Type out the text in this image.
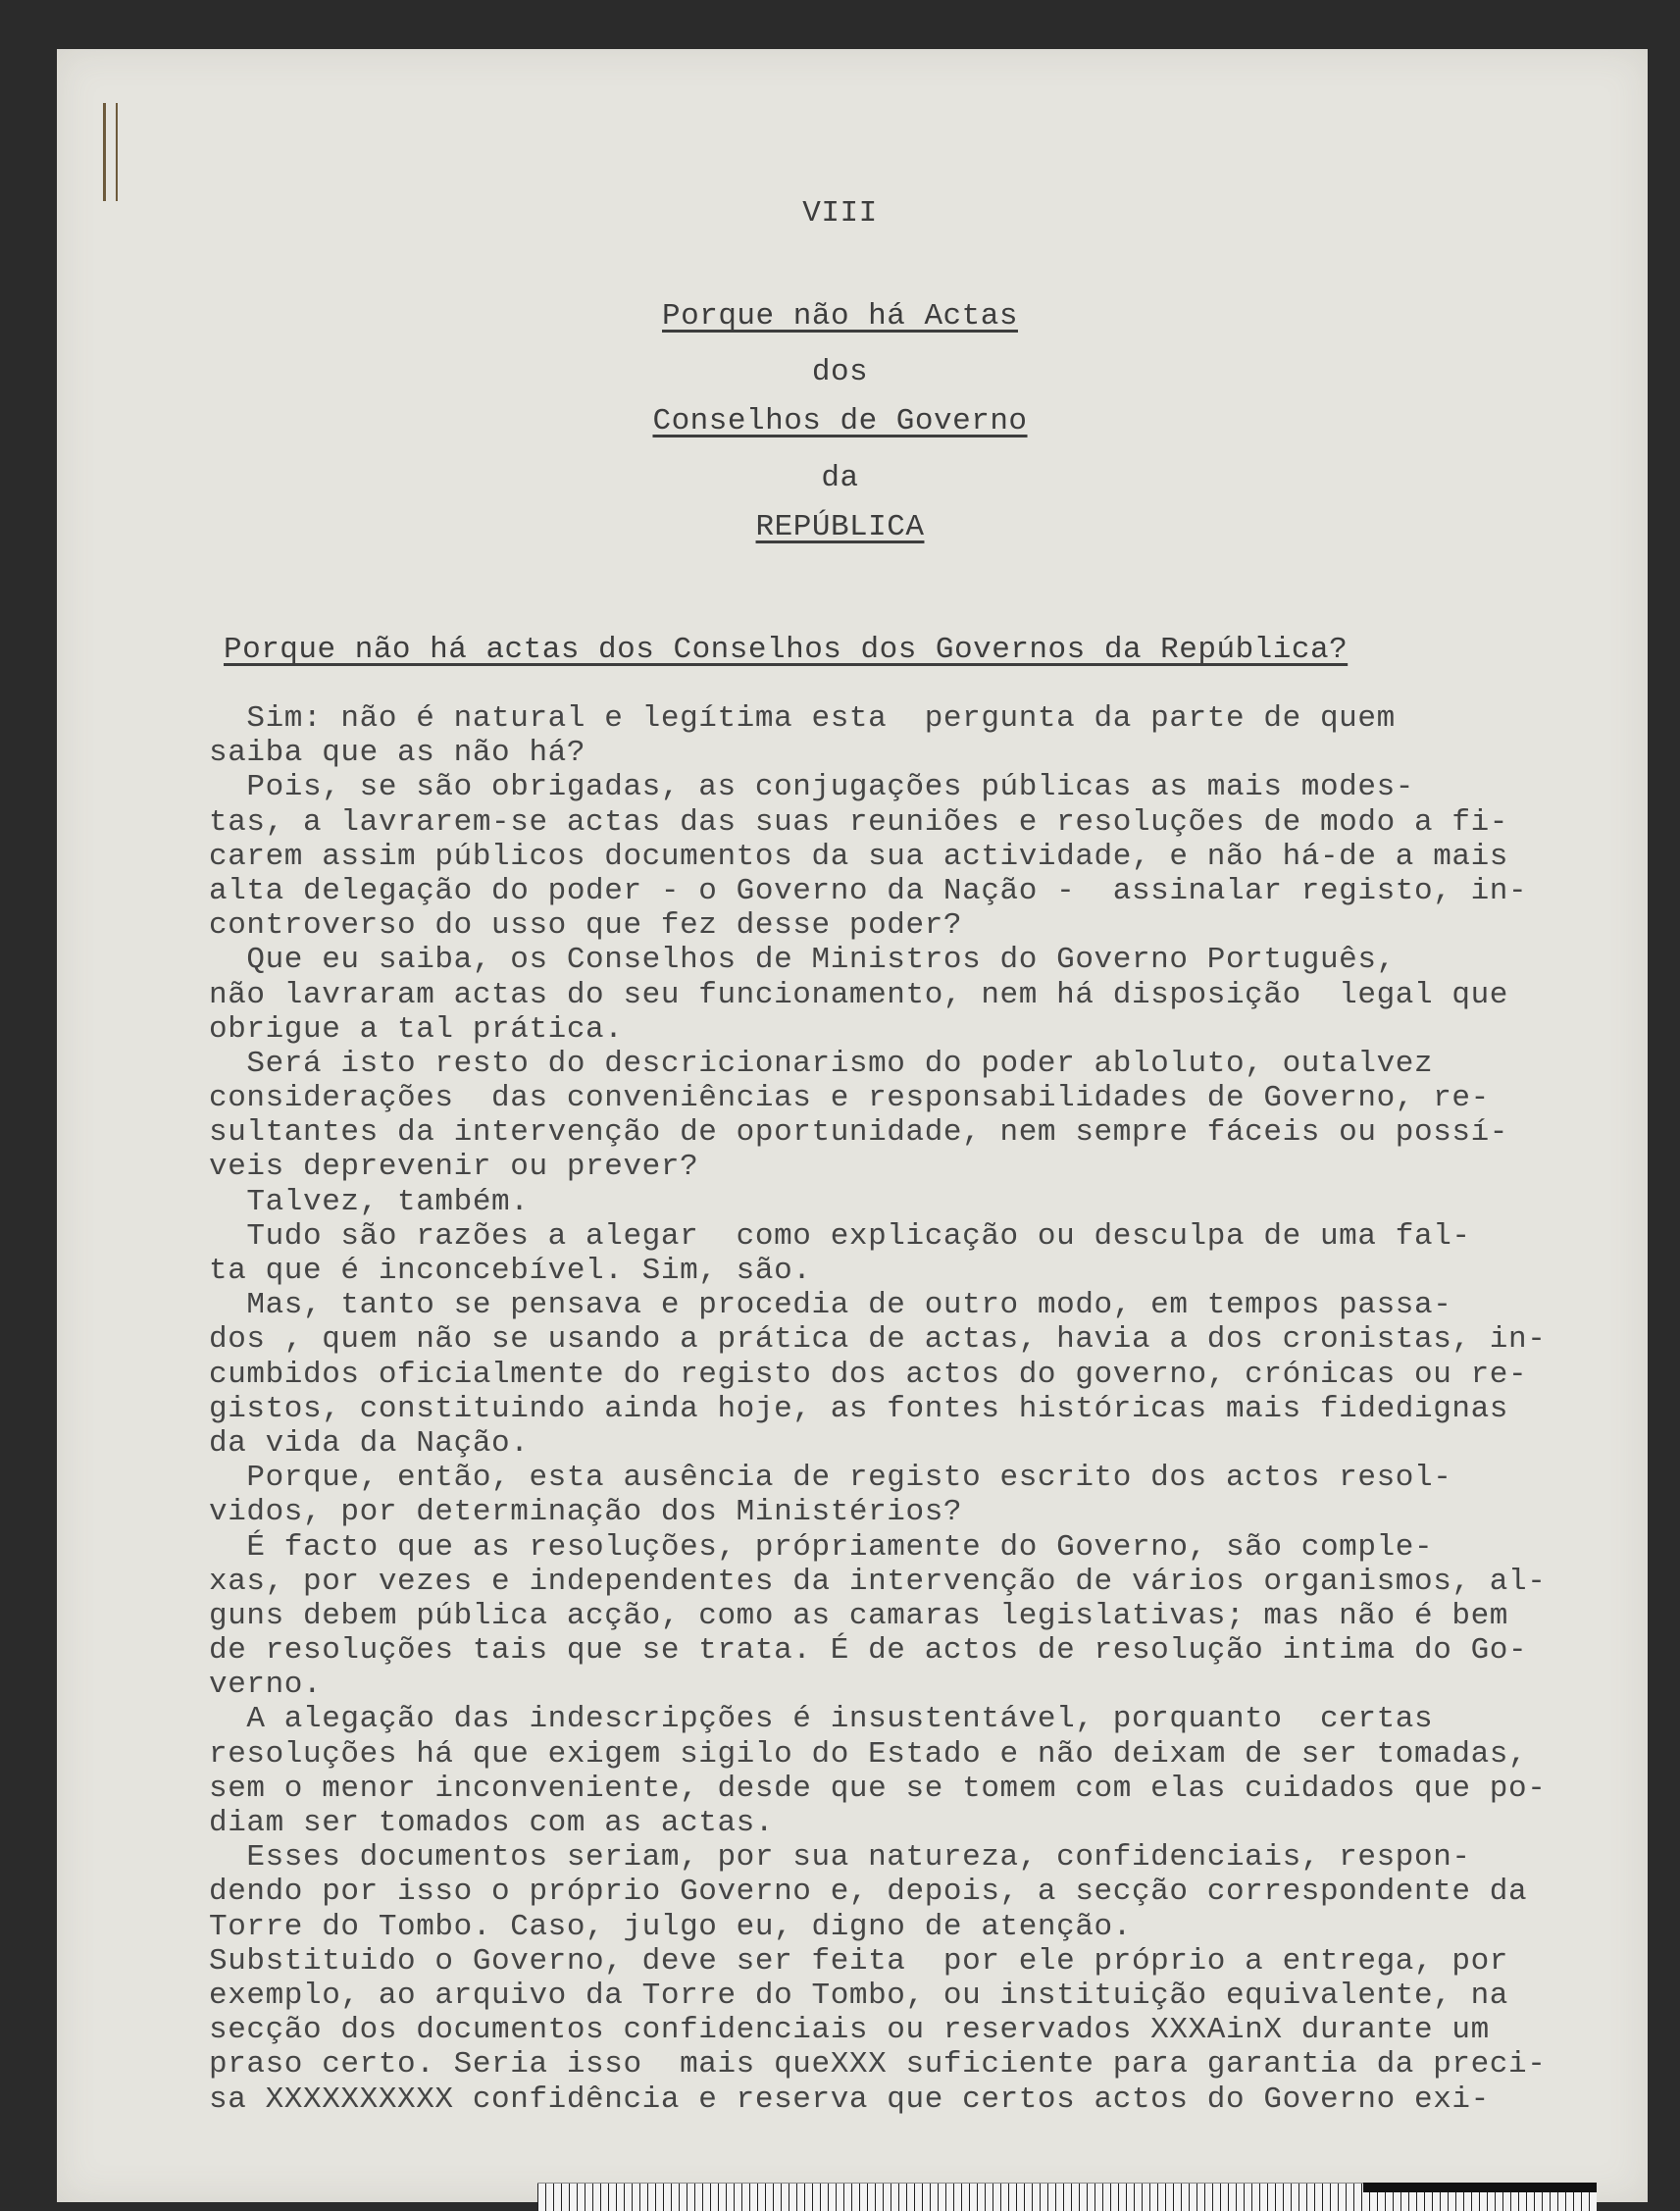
VIII
Porque não há Actas
dos
Conselhos de Governo
da
REPÚBLICA
Porque não há actas dos Conselhos dos Governos da República?
Sim: não é natural e legítima esta  pergunta da parte de quem
saiba que as não há?
Pois, se são obrigadas, as conjugações públicas as mais modes-
tas, a lavrarem-se actas das suas reuniões e resoluções de modo a fi-
carem assim públicos documentos da sua actividade, e não há-de a mais
alta delegação do poder - o Governo da Nação -  assinalar registo, in-
controverso do usso que fez desse poder?
Que eu saiba, os Conselhos de Ministros do Governo Português,
não lavraram actas do seu funcionamento, nem há disposição  legal que
obrigue a tal prática.
Será isto resto do descricionarismo do poder abloluto, outalvez
considerações  das conveniências e responsabilidades de Governo, re-
sultantes da intervenção de oportunidade, nem sempre fáceis ou possí-
veis deprevenir ou prever?
Talvez, também.
Tudo são razões a alegar  como explicação ou desculpa de uma fal-
ta que é inconcebível. Sim, são.
Mas, tanto se pensava e procedia de outro modo, em tempos passa-
dos , quem não se usando a prática de actas, havia a dos cronistas, in-
cumbidos oficialmente do registo dos actos do governo, crónicas ou re-
gistos, constituindo ainda hoje, as fontes históricas mais fidedignas
da vida da Nação.
Porque, então, esta ausência de registo escrito dos actos resol-
vidos, por determinação dos Ministérios?
É facto que as resoluções, própriamente do Governo, são comple-
xas, por vezes e independentes da intervenção de vários organismos, al-
guns debem pública acção, como as camaras legislativas; mas não é bem
de resoluções tais que se trata. É de actos de resolução intima do Go-
verno.
A alegação das indescripções é insustentável, porquanto  certas
resoluções há que exigem sigilo do Estado e não deixam de ser tomadas,
sem o menor inconveniente, desde que se tomem com elas cuidados que po-
diam ser tomados com as actas.
Esses documentos seriam, por sua natureza, confidenciais, respon-
dendo por isso o próprio Governo e, depois, a secção correspondente da
Torre do Tombo. Caso, julgo eu, digno de atenção.
Substituido o Governo, deve ser feita  por ele próprio a entrega, por
exemplo, ao arquivo da Torre do Tombo, ou instituição equivalente, na
secção dos documentos confidenciais ou reservados XXXAinX durante um
praso certo. Seria isso  mais queXXX suficiente para garantia da preci-
sa XXXXXXXXXX confidência e reserva que certos actos do Governo exi-
